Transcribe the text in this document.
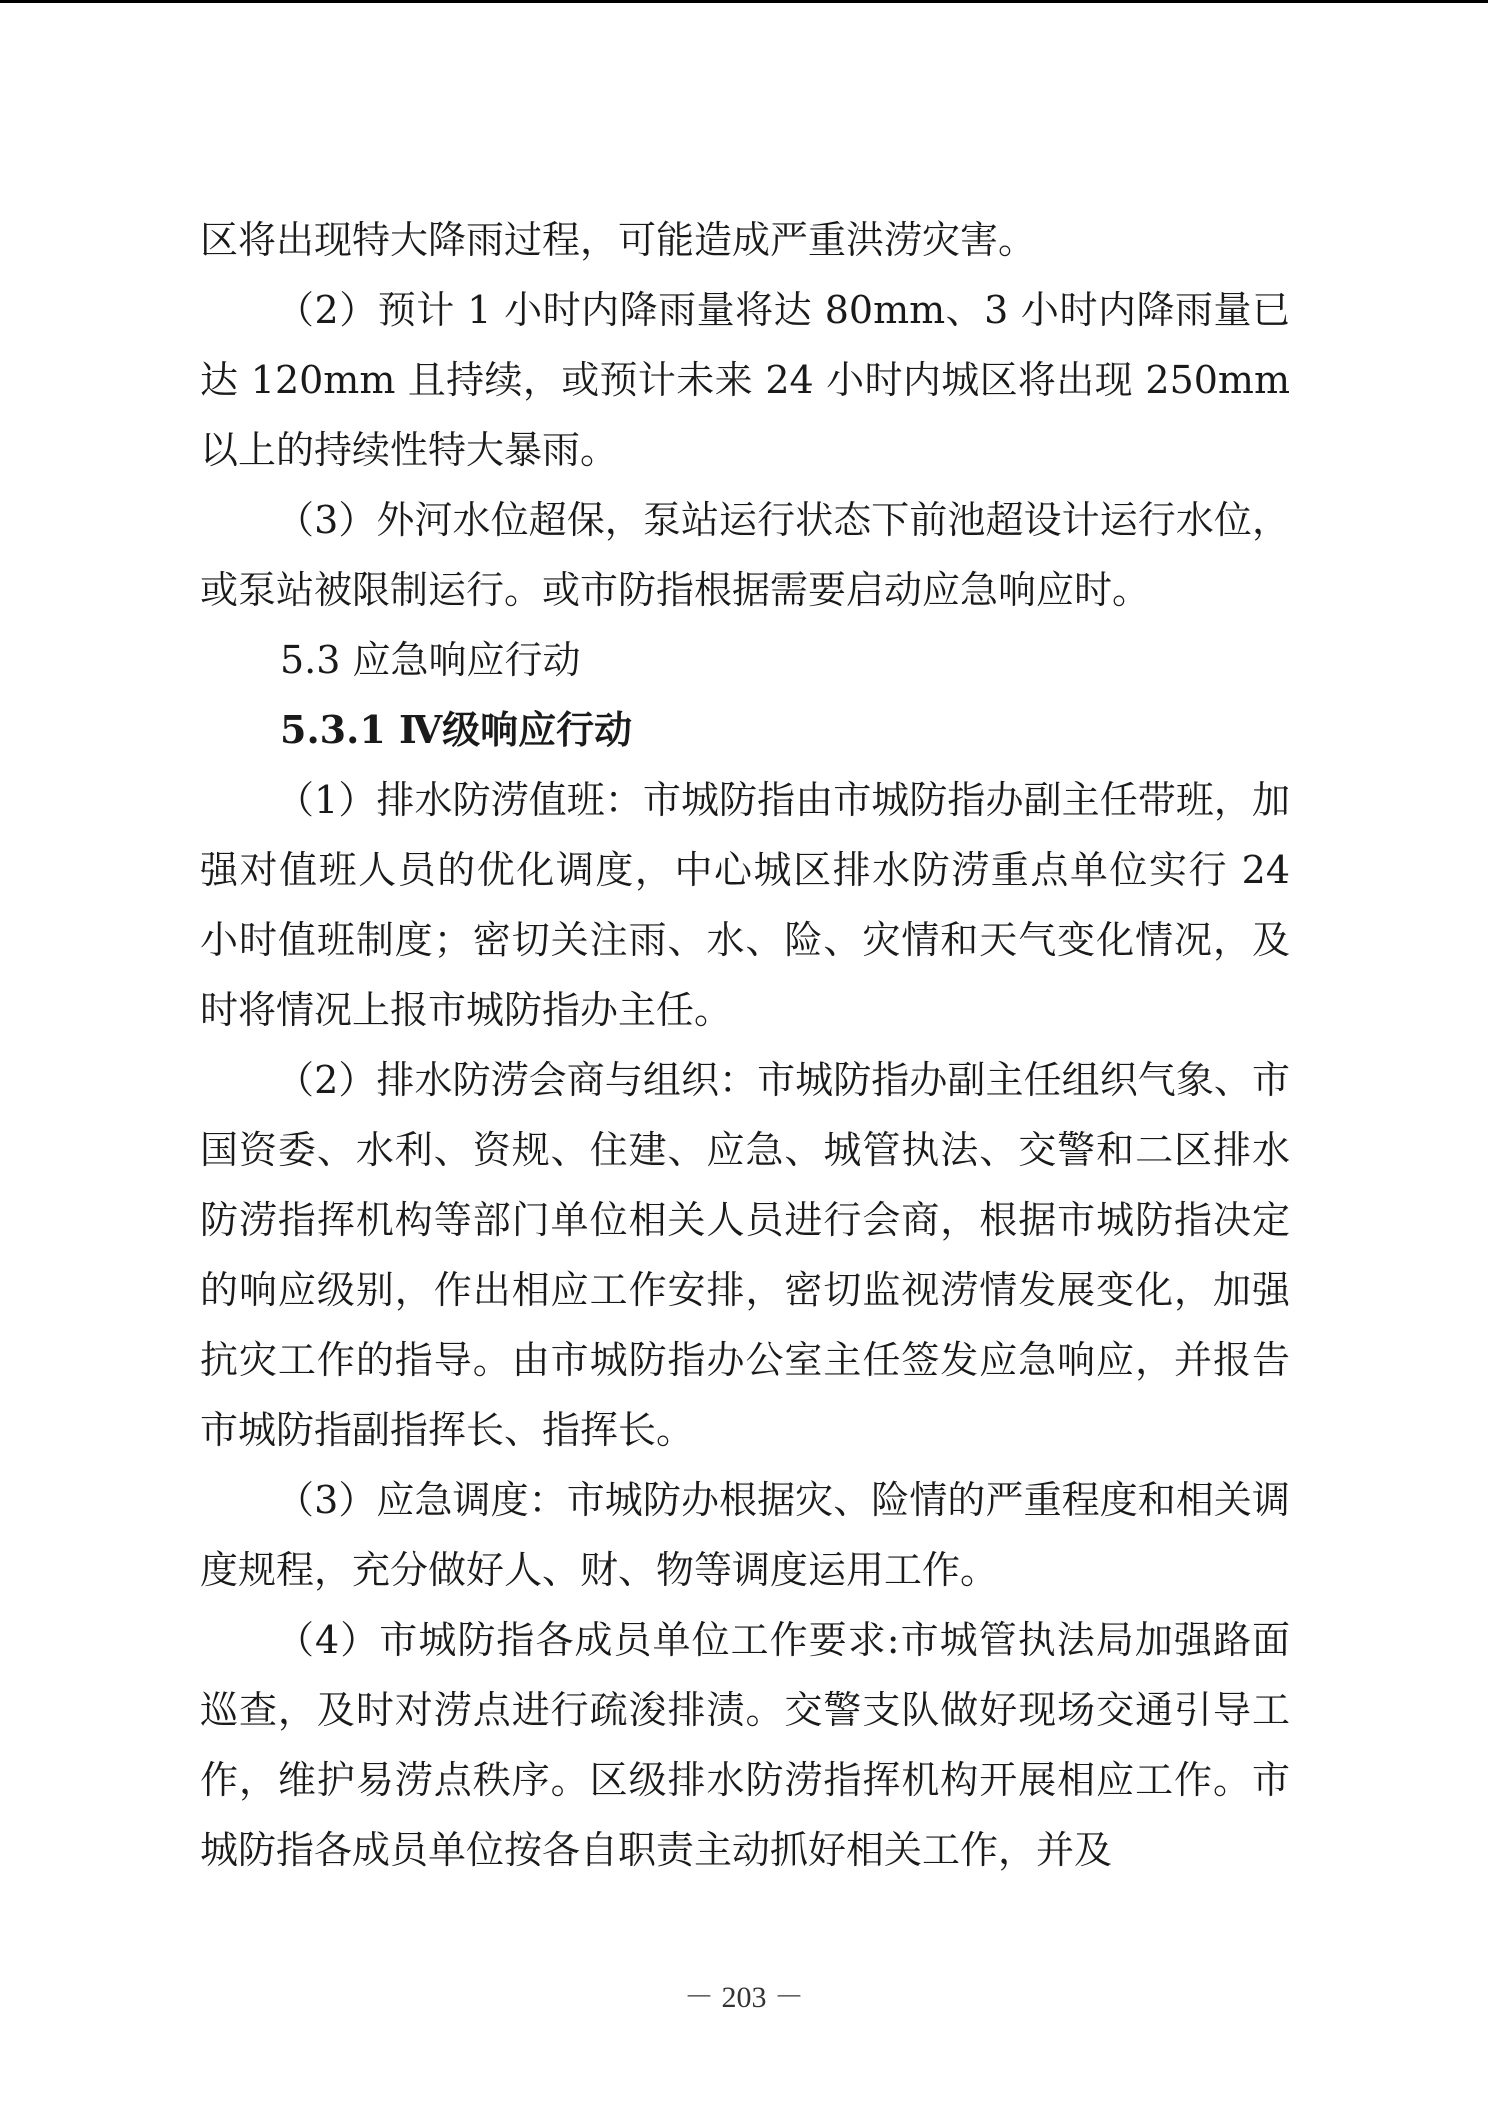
区将出现特大降雨过程，可能造成严重洪涝灾害。

（2）预计 1 小时内降雨量将达 80mm、3 小时内降雨量已达 120mm 且持续，或预计未来 24 小时内城区将出现 250mm 以上的持续性特大暴雨。

（3）外河水位超保，泵站运行状态下前池超设计运行水位，或泵站被限制运行。或市防指根据需要启动应急响应时。

5.3 应急响应行动

5.3.1 Ⅳ级响应行动

（1）排水防涝值班：市城防指由市城防指办副主任带班，加强对值班人员的优化调度，中心城区排水防涝重点单位实行 24 小时值班制度；密切关注雨、水、险、灾情和天气变化情况，及时将情况上报市城防指办主任。

（2）排水防涝会商与组织：市城防指办副主任组织气象、市国资委、水利、资规、住建、应急、城管执法、交警和二区排水防涝指挥机构等部门单位相关人员进行会商，根据市城防指决定的响应级别，作出相应工作安排，密切监视涝情发展变化，加强抗灾工作的指导。由市城防指办公室主任签发应急响应，并报告市城防指副指挥长、指挥长。

（3）应急调度：市城防办根据灾、险情的严重程度和相关调度规程，充分做好人、财、物等调度运用工作。

（4）市城防指各成员单位工作要求:市城管执法局加强路面巡查，及时对涝点进行疏浚排渍。交警支队做好现场交通引导工作，维护易涝点秩序。区级排水防涝指挥机构开展相应工作。市城防指各成员单位按各自职责主动抓好相关工作，并及

－ 203 －
